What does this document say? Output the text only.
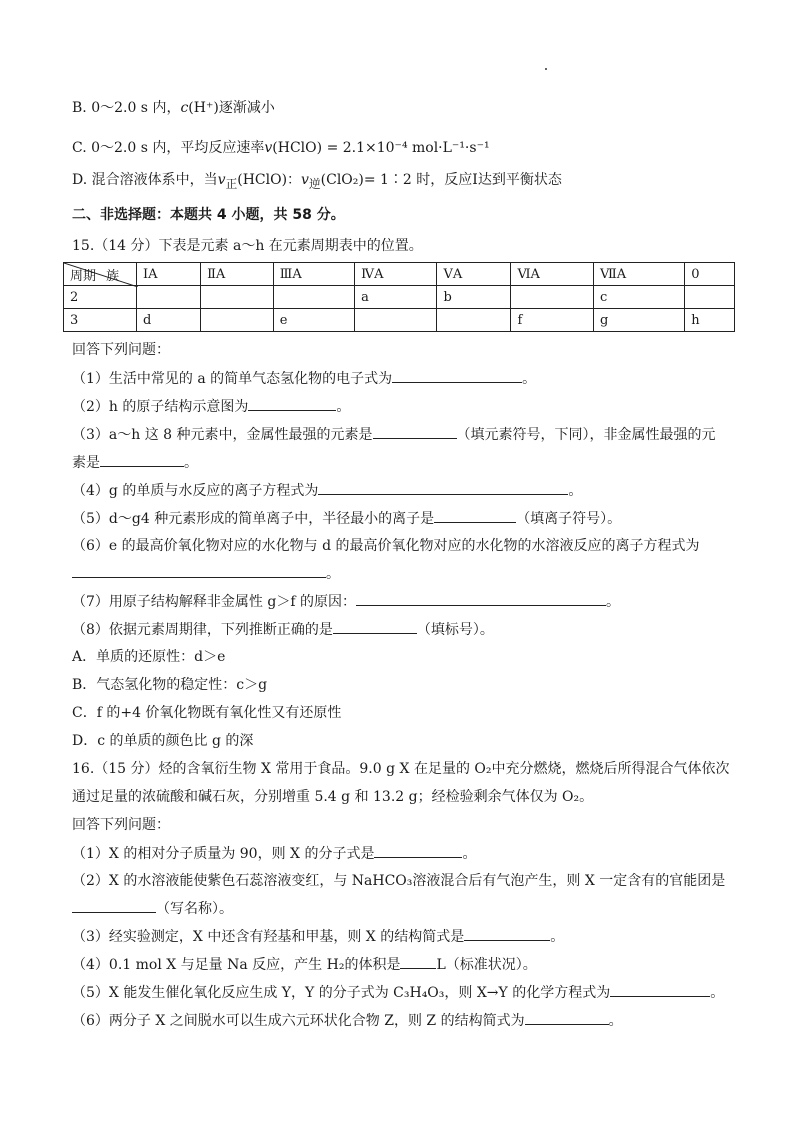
B. 0～2.0 s 内，c(H⁺)逐渐减小
C. 0～2.0 s 内，平均反应速率v(HClO) = 2.1×10⁻⁴ mol·L⁻¹·s⁻¹
D. 混合溶液体系中，当$v_正(HClO)$：$v_逆(ClO_2)=$ 1∶2 时，反应Ⅰ达到平衡状态
二、非选择题：本题共 4 小题，共 58 分。
15.（14 分）下表是元素 a～h 在元素周期表中的位置。
周期 族	ⅠA	ⅡA	ⅢA	ⅣA	ⅤA	ⅥA	ⅦA	0
2				a	b		c	
3	d		e			f	g	h
回答下列问题：
（1）生活中常见的 a 的简单气态氢化物的电子式为	。
（2）h 的原子结构示意图为	。
（3）a～h 这 8 种元素中，金属性最强的元素是	（填元素符号，下同），非金属性最强的元
素是	。
（4）g 的单质与水反应的离子方程式为	。
（5）d～g4 种元素形成的简单离子中，半径最小的离子是	（填离子符号）。
（6）e 的最高价氧化物对应的水化物与 d 的最高价氧化物对应的水化物的水溶液反应的离子方程式为
。
（7）用原子结构解释非金属性 g＞f 的原因：	。
（8）依据元素周期律，下列推断正确的是	（填标号）。
A．单质的还原性：d＞e
B．气态氢化物的稳定性：c＞g
C．f 的+4 价氧化物既有氧化性又有还原性
D．c 的单质的颜色比 g 的深
16.（15 分）烃的含氧衍生物 X 常用于食品。9.0 g X 在足量的 O₂中充分燃烧，燃烧后所得混合气体依次
通过足量的浓硫酸和碱石灰，分别增重 5.4 g 和 13.2 g；经检验剩余气体仅为 O₂。
回答下列问题：
（1）X 的相对分子质量为 90，则 X 的分子式是	。
（2）X 的水溶液能使紫色石蕊溶液变红，与 NaHCO₃溶液混合后有气泡产生，则 X 一定含有的官能团是
（写名称）。
（3）经实验测定，X 中还含有羟基和甲基，则 X 的结构简式是	。
（4）0.1 mol X 与足量 Na 反应，产生 H₂的体积是	L（标准状况）。
（5）X 能发生催化氧化反应生成 Y，Y 的分子式为 C₃H₄O₃，则 X→Y 的化学方程式为	。
（6）两分子 X 之间脱水可以生成六元环状化合物 Z，则 Z 的结构简式为	。
